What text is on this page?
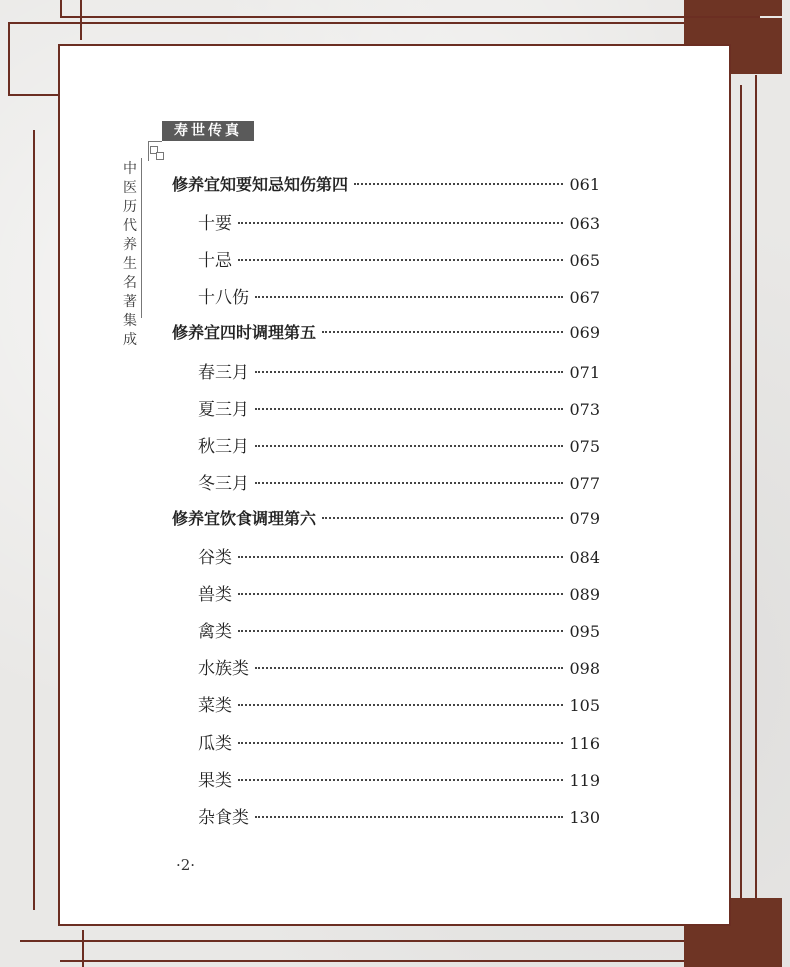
寿世传真
中医历代养生名著集成
修养宜知要知忌知伤第四	061
十要	063
十忌	065
十八伤	067
修养宜四时调理第五	069
春三月	071
夏三月	073
秋三月	075
冬三月	077
修养宜饮食调理第六	079
谷类	084
兽类	089
禽类	095
水族类	098
菜类	105
瓜类	116
果类	119
杂食类	130
·2·
